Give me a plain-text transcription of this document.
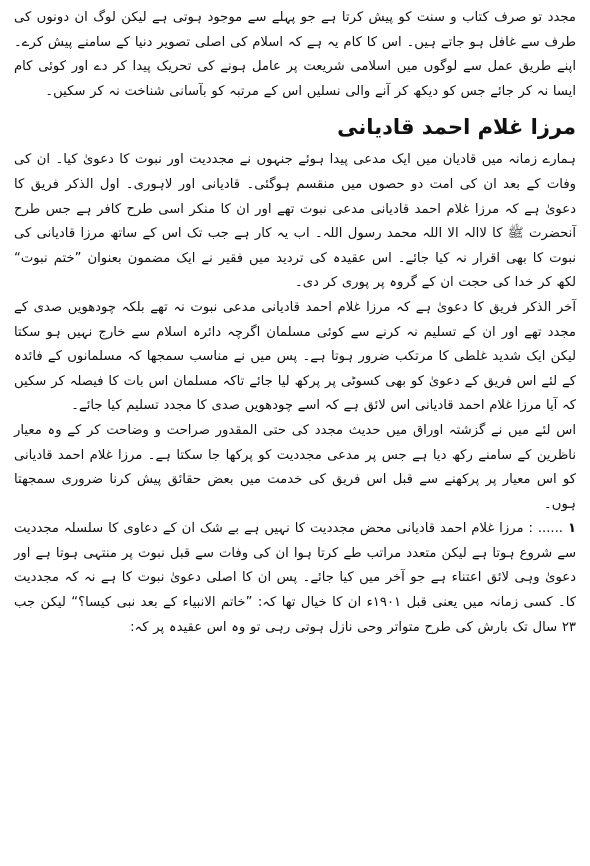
مجدد تو صرف کتاب و سنت کو پیش کرتا ہے جو پہلے سے موجود ہوتی ہے لیکن لوگ ان دونوں کی طرف سے غافل ہو جاتے ہیں۔ اس کا کام یہ ہے کہ اسلام کی اصلی تصویر دنیا کے سامنے پیش کرے۔ اپنے طریق عمل سے لوگوں میں اسلامی شریعت پر عامل ہونے کی تحریک پیدا کر دے اور کوئی کام ایسا نہ کر جائے جس کو دیکھ کر آنے والی نسلیں اس کے مرتبہ کو بآسانی شناخت نہ کر سکیں۔

مرزا غلام احمد قادیانی

ہمارے زمانہ میں قادیان میں ایک مدعی پیدا ہوئے جنہوں نے مجددیت اور نبوت کا دعویٰ کیا۔ ان کی وفات کے بعد ان کی امت دو حصوں میں منقسم ہوگئی۔ قادیانی اور لاہوری۔ اول الذکر فریق کا دعویٰ ہے کہ مرزا غلام احمد قادیانی مدعی نبوت تھے اور ان کا منکر اسی طرح کافر ہے جس طرح آنحضرت ﷺ کا لاالہ الا اللہ محمد رسول اللہ۔ اب یہ کار ہے جب تک اس کے ساتھ مرزا قادیانی کی نبوت کا بھی اقرار نہ کیا جائے۔ اس عقیدہ کی تردید میں فقیر نے ایک مضمون بعنوان ”ختم نبوت“ لکھ کر خدا کی حجت ان کے گروہ پر پوری کر دی۔

آخر الذکر فریق کا دعویٰ ہے کہ مرزا غلام احمد قادیانی مدعی نبوت نہ تھے بلکہ چودھویں صدی کے مجدد تھے اور ان کے تسلیم نہ کرنے سے کوئی مسلمان اگرچہ دائرہ اسلام سے خارج نہیں ہو سکتا لیکن ایک شدید غلطی کا مرتکب ضرور ہوتا ہے۔ پس میں نے مناسب سمجھا کہ مسلمانوں کے فائدہ کے لئے اس فریق کے دعویٰ کو بھی کسوٹی پر پرکھ لیا جائے تاکہ مسلمان اس بات کا فیصلہ کر سکیں کہ آیا مرزا غلام احمد قادیانی اس لائق ہے کہ اسے چودھویں صدی کا مجدد تسلیم کیا جائے۔

اس لئے میں نے گزشتہ اوراق میں حدیث مجدد کی حتی المقدور صراحت و وضاحت کر کے وہ معیار ناظرین کے سامنے رکھ دیا ہے جس پر مدعی مجددیت کو پرکھا جا سکتا ہے۔ مرزا غلام احمد قادیانی کو اس معیار پر پرکھنے سے قبل اس فریق کی خدمت میں بعض حقائق پیش کرنا ضروری سمجھتا ہوں۔

۱ ...... : مرزا غلام احمد قادیانی محض مجددیت کا نہیں ہے بے شک ان کے دعاوی کا سلسلہ مجددیت سے شروع ہوتا ہے لیکن متعدد مراتب طے کرتا ہوا ان کی وفات سے قبل نبوت پر منتہی ہوتا ہے اور دعویٰ وہی لائق اعتناء ہے جو آخر میں کیا جائے۔ پس ان کا اصلی دعویٰ نبوت کا ہے نہ کہ مجددیت کا۔ کسی زمانہ میں یعنی قبل ۱۹۰۱ء ان کا خیال تھا کہ: ”خاتم الانبیاء کے بعد نبی کیسا؟“ لیکن جب ۲۳ سال تک بارش کی طرح متواتر وحی نازل ہوتی رہی تو وہ اس عقیدہ پر کہ:
